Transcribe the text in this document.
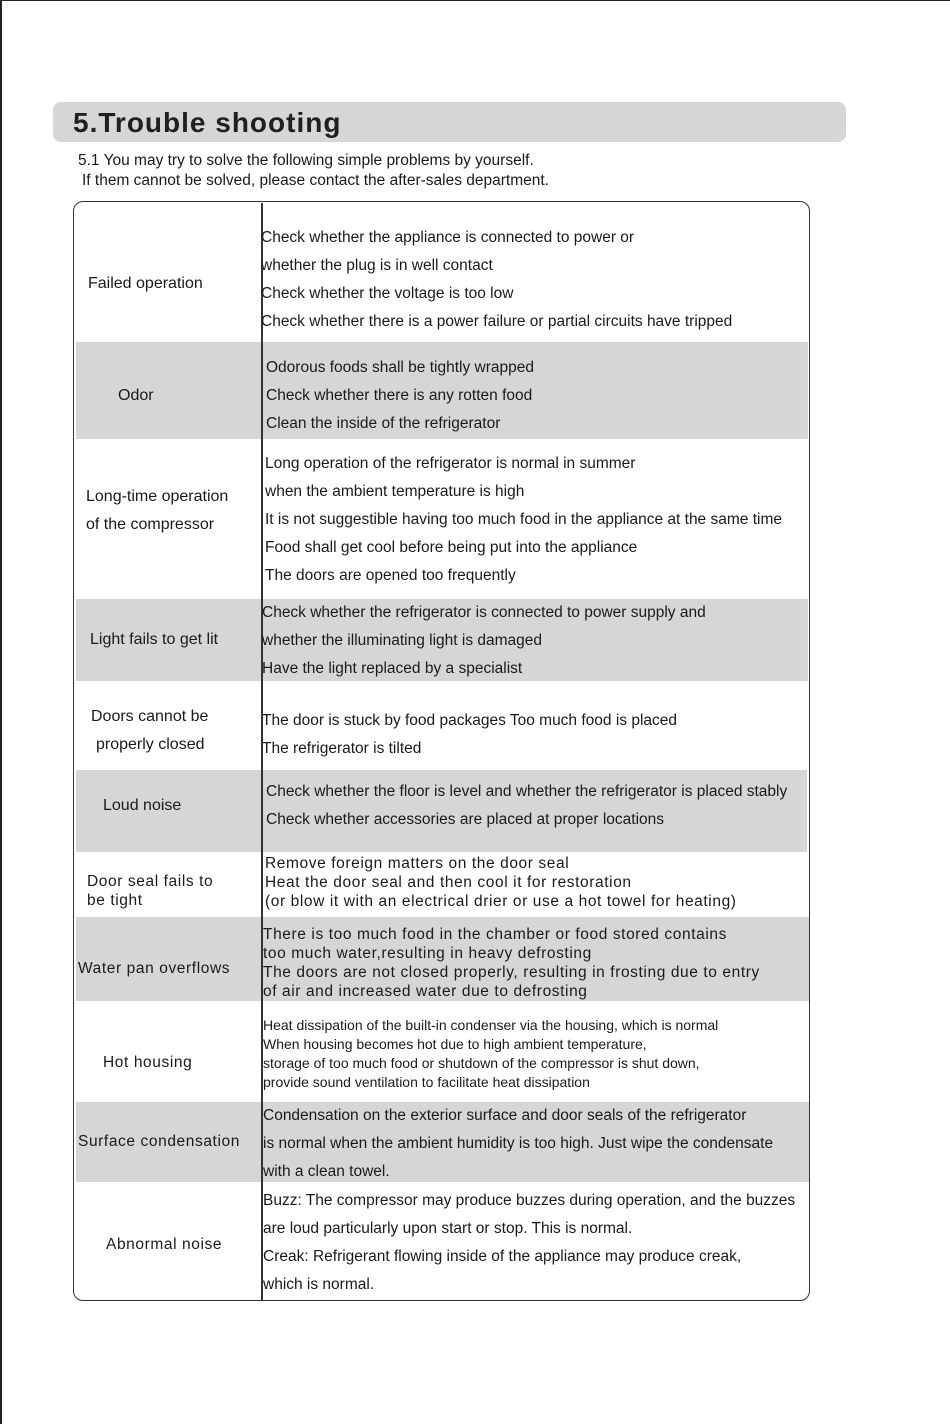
5.Trouble shooting
5.1 You may try to solve the following simple problems by yourself.
If them cannot be solved, please contact the after-sales department.
Failed operation
Check whether the appliance is connected to power or
whether the plug is in well contact
Check whether the voltage is too low
Check whether there is a power failure or partial circuits have tripped
Odor
Odorous foods shall be tightly wrapped
Check whether there is any rotten food
Clean the inside of the refrigerator
Long-time operation
of the compressor
Long operation of the refrigerator is normal in summer
when the ambient temperature is high
It is not suggestible having too much food in the appliance at the same time
Food shall get cool before being put into the appliance
The doors are opened too frequently
Light fails to get lit
Check whether the refrigerator is connected to power supply and
whether the illuminating light is damaged
Have the light replaced by a specialist
Doors cannot be
properly closed
The door is stuck by food packages Too much food is placed
The refrigerator is tilted
Loud noise
Check whether the floor is level and whether the refrigerator is placed stably
Check whether accessories are placed at proper locations
Door seal fails to
be tight
Remove foreign matters on the door seal
Heat the door seal and then cool it for restoration
(or blow it with an electrical drier or use a hot towel for heating)
Water pan overflows
There is too much food in the chamber or food stored contains
too much water,resulting in heavy defrosting
The doors are not closed properly, resulting in frosting due to entry
of air and increased water due to defrosting
Hot housing
Heat dissipation of the built-in condenser via the housing, which is normal
When housing becomes hot due to high ambient temperature,
storage of too much food or shutdown of the compressor is shut down,
provide sound ventilation to facilitate heat dissipation
Surface condensation
Condensation on the exterior surface and door seals of the refrigerator
is normal when the ambient humidity is too high. Just wipe the condensate
with a clean towel.
Abnormal noise
Buzz: The compressor may produce buzzes during operation, and the buzzes
are loud particularly upon start or stop. This is normal.
Creak: Refrigerant flowing inside of the appliance may produce creak,
which is normal.
